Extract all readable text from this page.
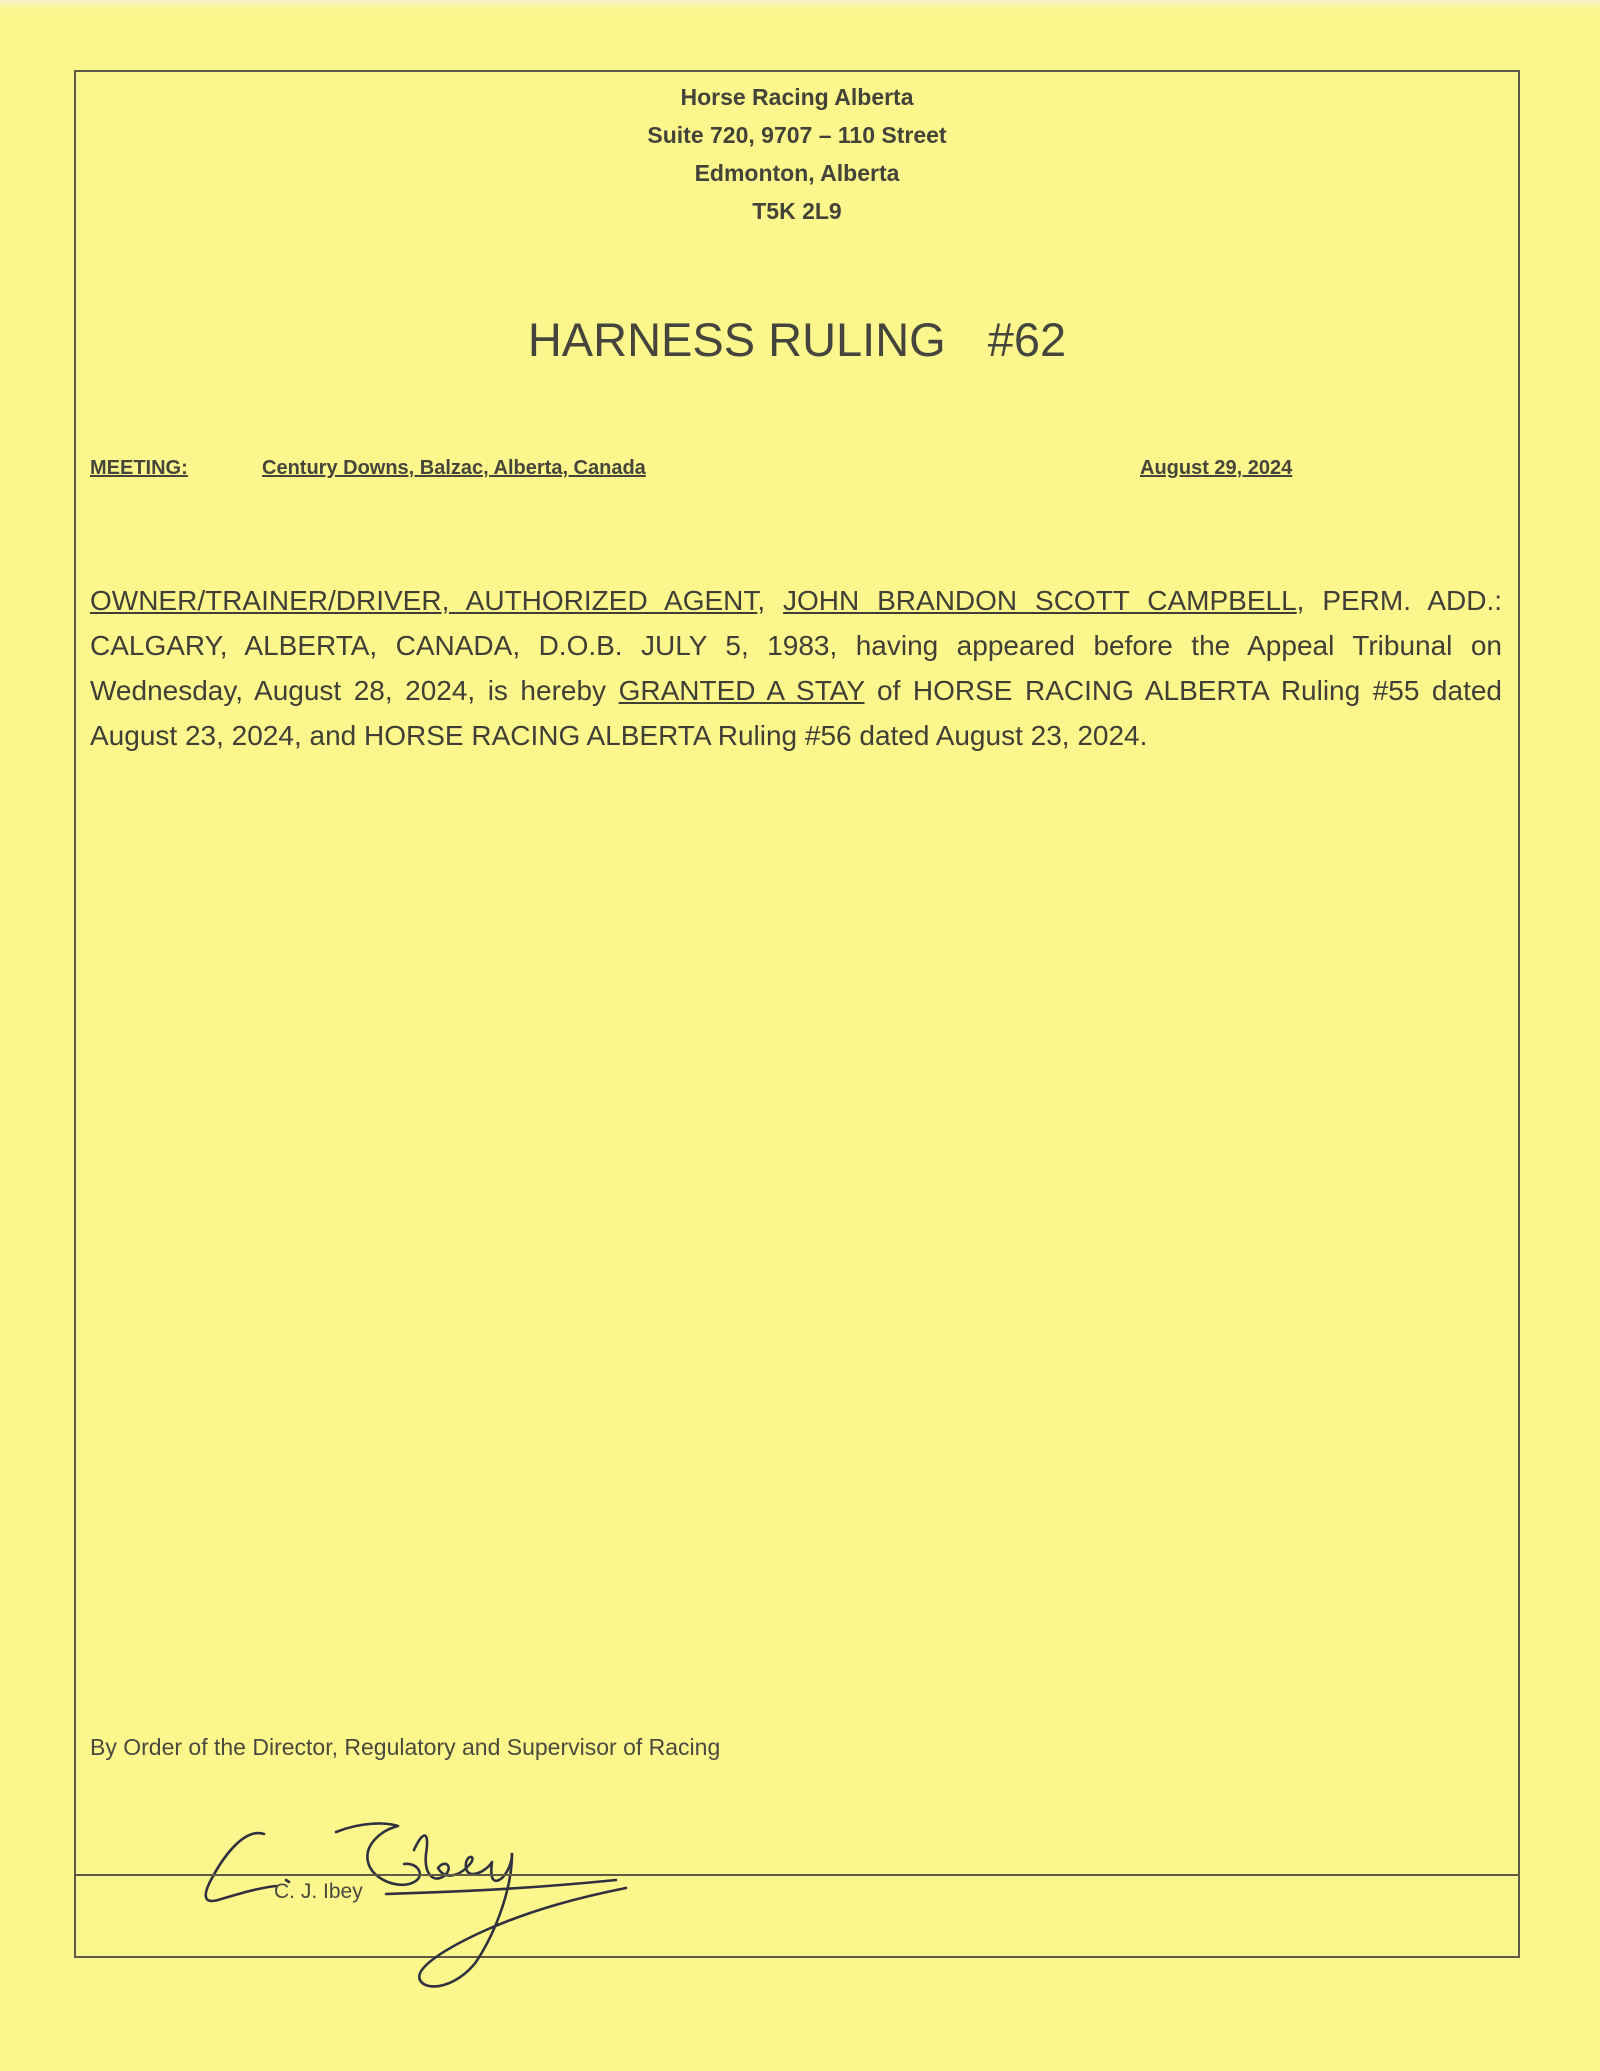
Horse Racing Alberta
Suite 720, 9707 – 110 Street
Edmonton, Alberta
T5K 2L9
HARNESS RULING #62
MEETING:	Century Downs, Balzac, Alberta, Canada	August 29, 2024
OWNER/TRAINER/DRIVER, AUTHORIZED AGENT, JOHN BRANDON SCOTT CAMPBELL, PERM. ADD.: CALGARY, ALBERTA, CANADA, D.O.B. JULY 5, 1983, having appeared before the Appeal Tribunal on Wednesday, August 28, 2024, is hereby GRANTED A STAY of HORSE RACING ALBERTA Ruling #55 dated August 23, 2024, and HORSE RACING ALBERTA Ruling #56 dated August 23, 2024.
By Order of the Director, Regulatory and Supervisor of Racing
C. J. Ibey
